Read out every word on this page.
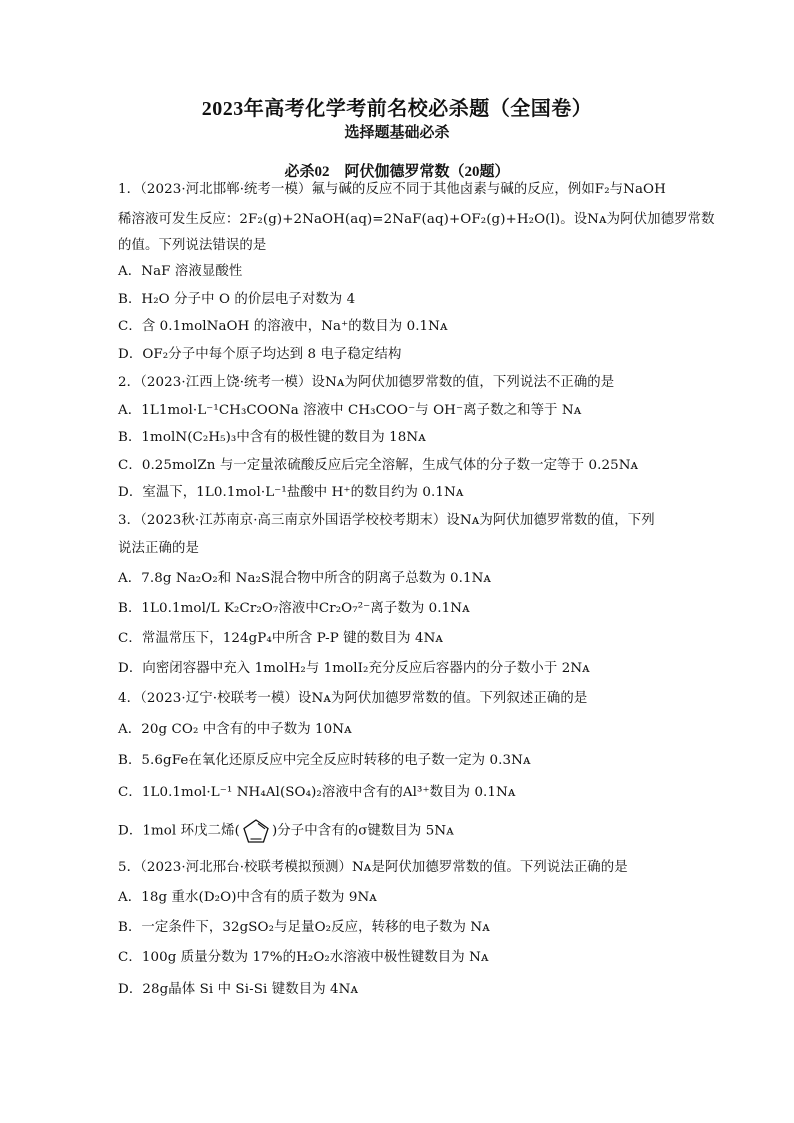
2023年高考化学考前名校必杀题（全国卷）
选择题基础必杀
必杀02　阿伏伽德罗常数（20题）
1．（2023·河北邯郸·统考一模）氟与碱的反应不同于其他卤素与碱的反应，例如F₂与NaOH
稀溶液可发生反应：2F₂(g)+2NaOH(aq)=2NaF(aq)+OF₂(g)+H₂O(l)。设Nᴀ为阿伏加德罗常数
的值。下列说法错误的是
A．NaF 溶液显酸性
B．H₂O 分子中 O 的价层电子对数为 4
C．含 0.1molNaOH 的溶液中，Na⁺的数目为 0.1Nᴀ
D．OF₂分子中每个原子均达到 8 电子稳定结构
2．（2023·江西上饶·统考一模）设Nᴀ为阿伏加德罗常数的值，下列说法不正确的是
A．1L1mol·L⁻¹CH₃COONa 溶液中 CH₃COO⁻与 OH⁻离子数之和等于 Nᴀ
B．1molN(C₂H₅)₃中含有的极性键的数目为 18Nᴀ
C．0.25molZn 与一定量浓硫酸反应后完全溶解，生成气体的分子数一定等于 0.25Nᴀ
D．室温下，1L0.1mol·L⁻¹盐酸中 H⁺的数目约为 0.1Nᴀ
3．（2023秋·江苏南京·高三南京外国语学校校考期末）设Nᴀ为阿伏加德罗常数的值，下列
说法正确的是
A．7.8g Na₂O₂和 Na₂S混合物中所含的阴离子总数为 0.1Nᴀ
B．1L0.1mol/L K₂Cr₂O₇溶液中Cr₂O₇²⁻离子数为 0.1Nᴀ
C．常温常压下，124gP₄中所含 P-P 键的数目为 4Nᴀ
D．向密闭容器中充入 1molH₂与 1molI₂充分反应后容器内的分子数小于 2Nᴀ
4．（2023·辽宁·校联考一模）设Nᴀ为阿伏加德罗常数的值。下列叙述正确的是
A．20g CO₂ 中含有的中子数为 10Nᴀ
B．5.6gFe在氧化还原反应中完全反应时转移的电子数一定为 0.3Nᴀ
C．1L0.1mol·L⁻¹ NH₄Al(SO₄)₂溶液中含有的Al³⁺数目为 0.1Nᴀ
D．1mol 环戊二烯( )分子中含有的σ键数目为 5Nᴀ
5．（2023·河北邢台·校联考模拟预测）Nᴀ是阿伏加德罗常数的值。下列说法正确的是
A．18g 重水(D₂O)中含有的质子数为 9Nᴀ
B．一定条件下，32gSO₂与足量O₂反应，转移的电子数为 Nᴀ
C．100g 质量分数为 17%的H₂O₂水溶液中极性键数目为 Nᴀ
D．28g晶体 Si 中 Si-Si 键数目为 4Nᴀ
